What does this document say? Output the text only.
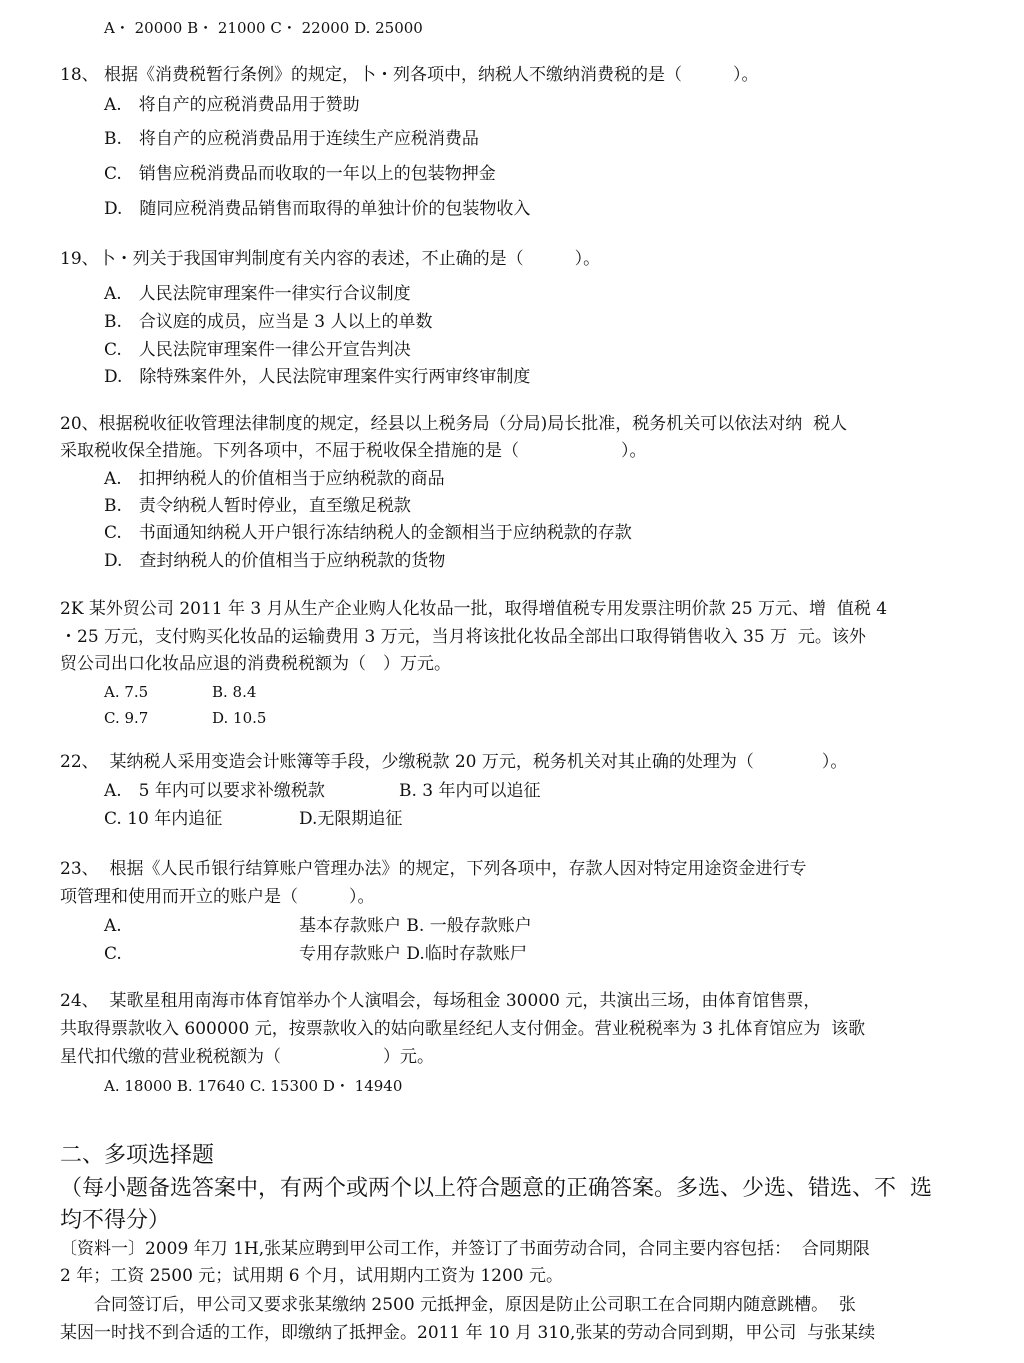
A・ 20000 B・ 21000 C・ 22000 D. 25000
18、 根据《消费税暂行条例》的规定，卜・列各项中，纳税人不缴纳消费税的是（　　　）。
A.　将自产的应税消费品用于赞助
B.　将自产的应税消费品用于连续生产应税消费品
C.　销售应税消费品而收取的一年以上的包装物押金
D.　随同应税消费品销售而取得的单独计价的包装物收入
19、卜・列关于我国审判制度有关内容的表述，不止确的是（　　　）。
A.　人民法院审理案件一律实行合议制度
B.　合议庭的成员，应当是 3 人以上的单数
C.　人民法院审理案件一律公开宣告判决
D.　除特殊案件外，人民法院审理案件实行两审终审制度
20、根据税收征收管理法律制度的规定，经县以上税务局（分局)局长批准，税务机关可以依法对纳  税人
采取税收保全措施。下列各项中，不屈于税收保全措施的是（　　　　　　）。
A.　扣押纳税人的价值相当于应纳税款的商品
B.　责令纳税人暂时停业，直至缴足税款
C.　书面通知纳税人开户银行冻结纳税人的金额相当于应纳税款的存款
D.　查封纳税人的价值相当于应纳税款的货物
2K 某外贸公司 2011 年 3 月从生产企业购人化妆品一批，取得增值税专用发票注明价款 25 万元、增  值税 4
・25 万元，支付购买化妆品的运输费用 3 万元，当月将该批化妆品全部出口取得销售收入 35 万  元。该外
贸公司出口化妆品应退的消费税税额为（　）万元。
A. 7.5	B. 8.4
C. 9.7	D. 10.5
22、  某纳税人采用变造会计账簿等手段，少缴税款 20 万元，税务机关对其止确的处理为（　　　　）。
A.　5 年内可以要求补缴税款	B. 3 年内可以追征
C. 10 年内追征	D.无限期追征
23、  根据《人民币银行结算账户管理办法》的规定，下列各项中，存款人因对特定用途资金进行专
项管理和使用而开立的账户是（　　　）。
A.	基本存款账户 B. 一般存款账户
C.	专用存款账户 D.临时存款账尸
24、  某歌星租用南海市体育馆举办个人演唱会，每场租金 30000 元，共演出三场，由体育馆售票，
共取得票款收入 600000 元，按票款收入的姑向歌星经纪人支付佣金。营业税税率为 3 扎体育馆应为  该歌
星代扣代缴的营业税税额为（　　　　　　）元。
A. 18000 B. 17640 C. 15300 D・ 14940
二、多项选择题
（每小题备选答案中，有两个或两个以上符合题意的正确答案。多选、少选、错选、不  选
均不得分）
〔资料一〕2009 年刀 1H,张某应聘到甲公司工作，并签订了书面劳动合同，合同主要内容包括：  合同期限
2 年；工资 2500 元；试用期 6 个月，试用期内工资为 1200 元。
　　合同签订后，甲公司又要求张某缴纳 2500 元抵押金，原因是防止公司职工在合同期内随意跳槽。  张
某因一时找不到合适的工作，即缴纳了抵押金。2011 年 10 月 310,张某的劳动合同到期，甲公司  与张某续
